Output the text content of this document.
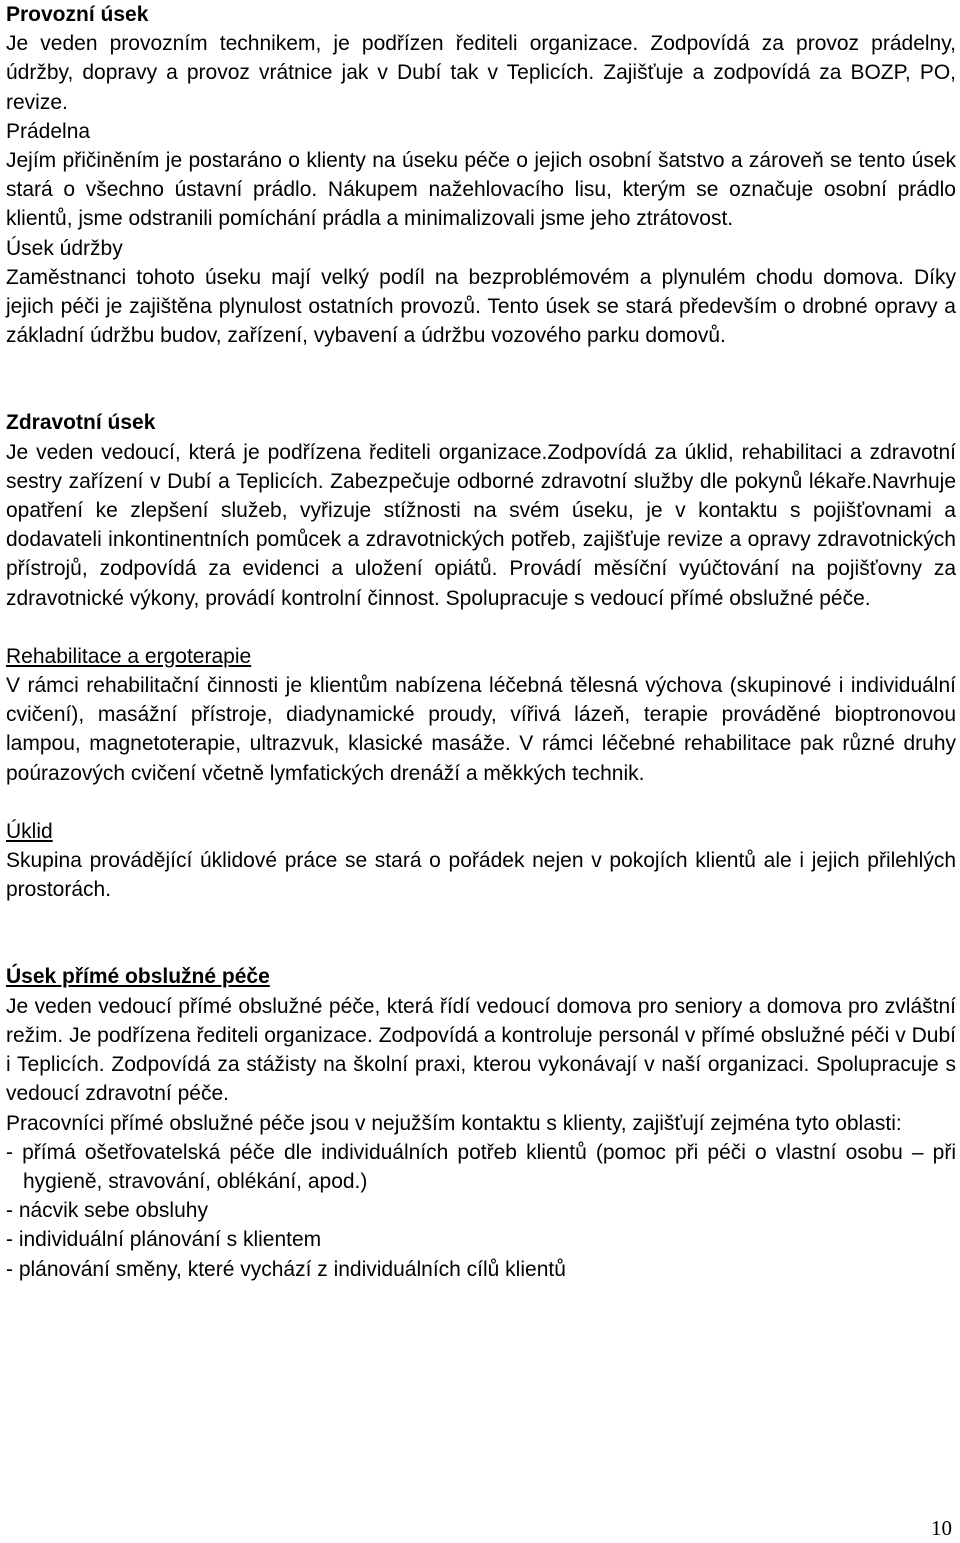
Provozní úsek

Je veden provozním technikem, je podřízen řediteli organizace. Zodpovídá za provoz prádelny, údržby, dopravy a provoz vrátnice jak v Dubí tak v Teplicích. Zajišťuje a zodpovídá za BOZP, PO, revize.

Prádelna

Jejím přičiněním je postaráno o klienty na úseku péče o jejich osobní šatstvo a zároveň se tento úsek stará o všechno ústavní prádlo. Nákupem nažehlovacího lisu, kterým se označuje osobní prádlo klientů, jsme odstranili pomíchání prádla a minimalizovali jsme jeho ztrátovost.

Úsek údržby

Zaměstnanci tohoto úseku mají velký podíl na bezproblémovém a plynulém chodu domova. Díky jejich péči je zajištěna plynulost ostatních provozů. Tento úsek se stará především o drobné opravy a základní údržbu budov, zařízení, vybavení a údržbu vozového parku domovů.

Zdravotní úsek

Je veden vedoucí, která je podřízena řediteli organizace.Zodpovídá za úklid, rehabilitaci a zdravotní sestry zařízení v Dubí a Teplicích. Zabezpečuje odborné zdravotní služby dle pokynů lékaře.Navrhuje opatření ke zlepšení služeb, vyřizuje stížnosti na svém úseku, je v kontaktu s pojišťovnami a dodavateli inkontinentních pomůcek a zdravotnických potřeb, zajišťuje revize a opravy zdravotnických přístrojů, zodpovídá za evidenci a uložení opiátů. Provádí měsíční vyúčtování na pojišťovny za zdravotnické výkony, provádí kontrolní činnost. Spolupracuje s vedoucí přímé obslužné péče.

Rehabilitace a ergoterapie

V rámci rehabilitační činnosti je klientům nabízena léčebná tělesná výchova (skupinové i individuální cvičení), masážní přístroje, diadynamické proudy, vířivá lázeň, terapie prováděné bioptronovou lampou, magnetoterapie, ultrazvuk, klasické masáže. V rámci léčebné rehabilitace pak různé druhy poúrazových cvičení včetně lymfatických drenáží a měkkých technik.

Úklid

Skupina provádějící úklidové práce se stará o pořádek nejen v pokojích klientů ale i jejich přilehlých prostorách.

Úsek přímé obslužné péče

Je veden vedoucí přímé obslužné péče, která řídí vedoucí domova pro seniory a domova pro zvláštní režim. Je podřízena řediteli organizace. Zodpovídá a kontroluje personál v přímé obslužné péči v Dubí i Teplicích. Zodpovídá za stážisty na školní praxi, kterou vykonávají v naší organizaci. Spolupracuje s vedoucí zdravotní péče.

Pracovníci přímé obslužné péče jsou v nejužším kontaktu s klienty, zajišťují zejména tyto oblasti:

- přímá ošetřovatelská péče dle individuálních potřeb klientů (pomoc při péči o vlastní osobu – při hygieně, stravování, oblékání, apod.)

- nácvik sebe obsluhy

- individuální plánování s klientem

- plánování směny, které vychází z individuálních cílů klientů

10
